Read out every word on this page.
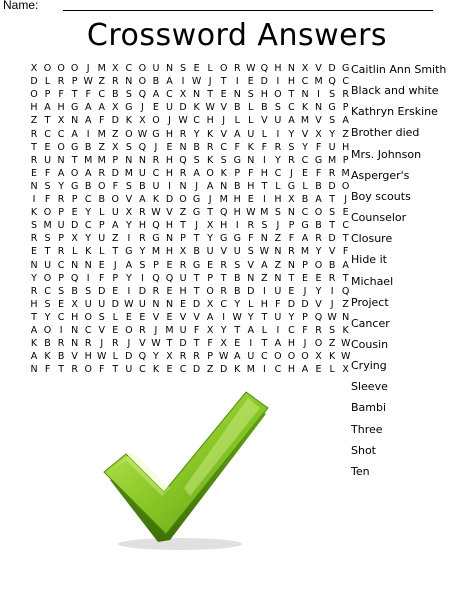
Name:
Crossword Answers
X O O O J M X C O U N S E L O R W Q H N X V D G
D L R P W Z R N O B A I W J T I E D I H C M Q C
O P F T F C B S Q A C X N T E N S H O T N I S R
H A H G A A X G J E U D K W V B L B S C K N G P
Z T X N A F D K X O J W C H J	L L V U A M V S A
R C C A I M Z O W G H R Y K V A U L	I Y V X Y Z
T E O G B Z X S Q J E N B R C F K F R S Y F U H
R U N T M M P N N R H Q S K S G N I Y R C G M P
E F A O A R D M U C H R A O K P F H C J E F R M
N S Y G B O F S B U I N J A N B H T L G L B D O
I F R P C B O V A K D O G J M H E I H X B A T J
K O P E Y L U X R W V Z G T Q H W M S N C O S E
S M U D C P A Y H Q H T J X H I R S J P G B T C
R S P X Y U Z I R G N P T Y G G F N Z F A R D T
E T R L K L T G Y M H X B U V U S W N R M Y V F
N U C N N E J A S P E R G E R S V A Z N P O B A
Y O P Q I F P Y I Q Q U T P T B N Z N T E E R T
R C S B S D E I D R E H T O R B D I U E J Y I Q
H S E X U U D W U N N E D X C Y L H F D D V J Z
T Y C H O S L E E V E V V A I W Y T U Y P Q W N
A O I N C V E O R J M U F X Y T A L	I C F R S K
K B R N R J R J V W T D T F X E I T A H J O Z W
A K B V H W L D Q Y X R R P W A U C O O O X K W
N F T R O F T U C K E C D Z D K M I C H A E L X
Caitlin Ann Smith
Black and white
Kathryn Erskine
Brother died
Mrs. Johnson
Asperger's
Boy scouts
Counselor
Closure
Hide it
Michael
Project
Cancer
Cousin
Crying
Sleeve
Bambi
Three
Shot
Ten
